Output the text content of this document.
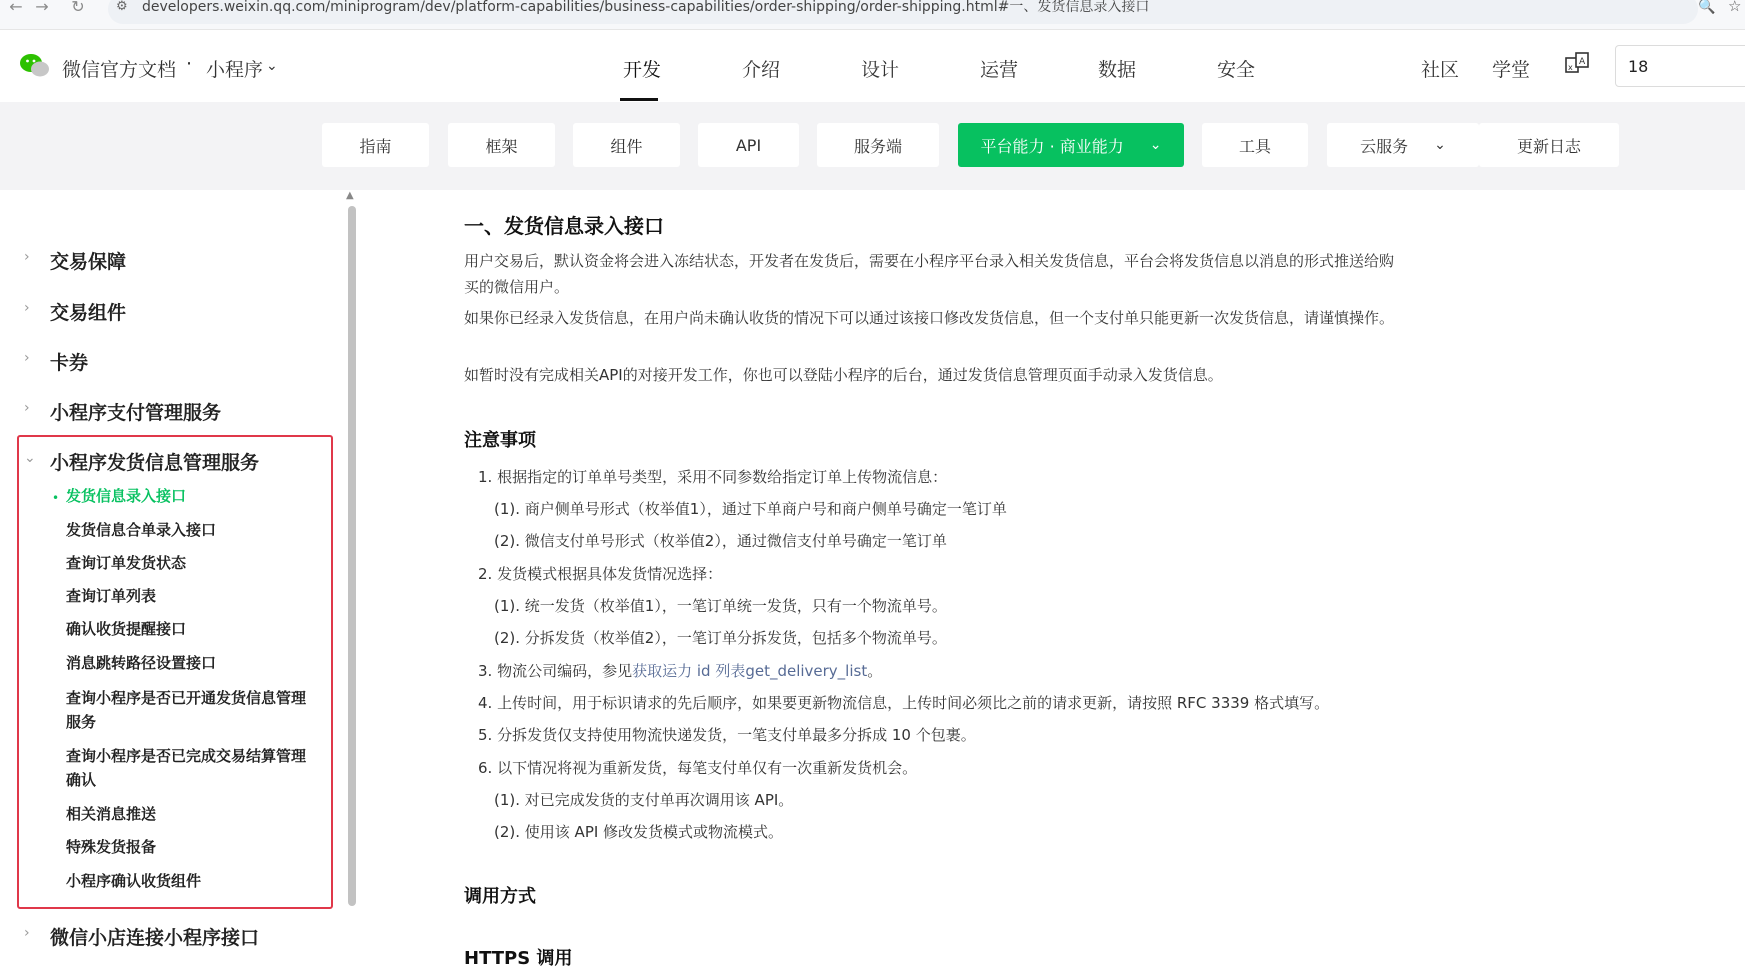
← → ↻ ⚙ developers.weixin.qq.com/miniprogram/dev/platform-capabilities/business-capabilities/order-shipping/order-shipping.html#一、发货信息录入接口	🔍 ☆
微信官方文档 · 小程序 ⌄	开发	介绍	设计	运营	数据	安全	社区 学堂	A
x
18
指南	框架	组件	API	服务端	平台能力 · 商业能力 ⌄	工具	云服务 ⌄	更新日志
› 交易保障
› 交易组件
› 卡券
› 小程序支付管理服务
⌄ 小程序发货信息管理服务
• 发货信息录入接口
发货信息合单录入接口
查询订单发货状态
查询订单列表
确认收货提醒接口
消息跳转路径设置接口
查询小程序是否已开通发货信息管理服务
查询小程序是否已完成交易结算管理确认
相关消息推送
特殊发货报备
小程序确认收货组件
› 微信小店连接小程序接口
▲
一、发货信息录入接口
用户交易后，默认资金将会进入冻结状态，开发者在发货后，需要在小程序平台录入相关发货信息，平台会将发货信息以消息的形式推送给购买的微信用户。
如果你已经录入发货信息，在用户尚未确认收货的情况下可以通过该接口修改发货信息，但一个支付单只能更新一次发货信息，请谨慎操作。
如暂时没有完成相关API的对接开发工作，你也可以登陆小程序的后台，通过发货信息管理页面手动录入发货信息。
注意事项
1. 根据指定的订单单号类型，采用不同参数给指定订单上传物流信息：
(1). 商户侧单号形式（枚举值1），通过下单商户号和商户侧单号确定一笔订单
(2). 微信支付单号形式（枚举值2），通过微信支付单号确定一笔订单
2. 发货模式根据具体发货情况选择：
(1). 统一发货（枚举值1），一笔订单统一发货，只有一个物流单号。
(2). 分拆发货（枚举值2），一笔订单分拆发货，包括多个物流单号。
3. 物流公司编码，参见获取运力 id 列表get_delivery_list。
4. 上传时间，用于标识请求的先后顺序，如果要更新物流信息，上传时间必须比之前的请求更新，请按照 RFC 3339 格式填写。
5. 分拆发货仅支持使用物流快递发货，一笔支付单最多分拆成 10 个包裹。
6. 以下情况将视为重新发货，每笔支付单仅有一次重新发货机会。
(1). 对已完成发货的支付单再次调用该 API。
(2). 使用该 API 修改发货模式或物流模式。
调用方式
HTTPS 调用
